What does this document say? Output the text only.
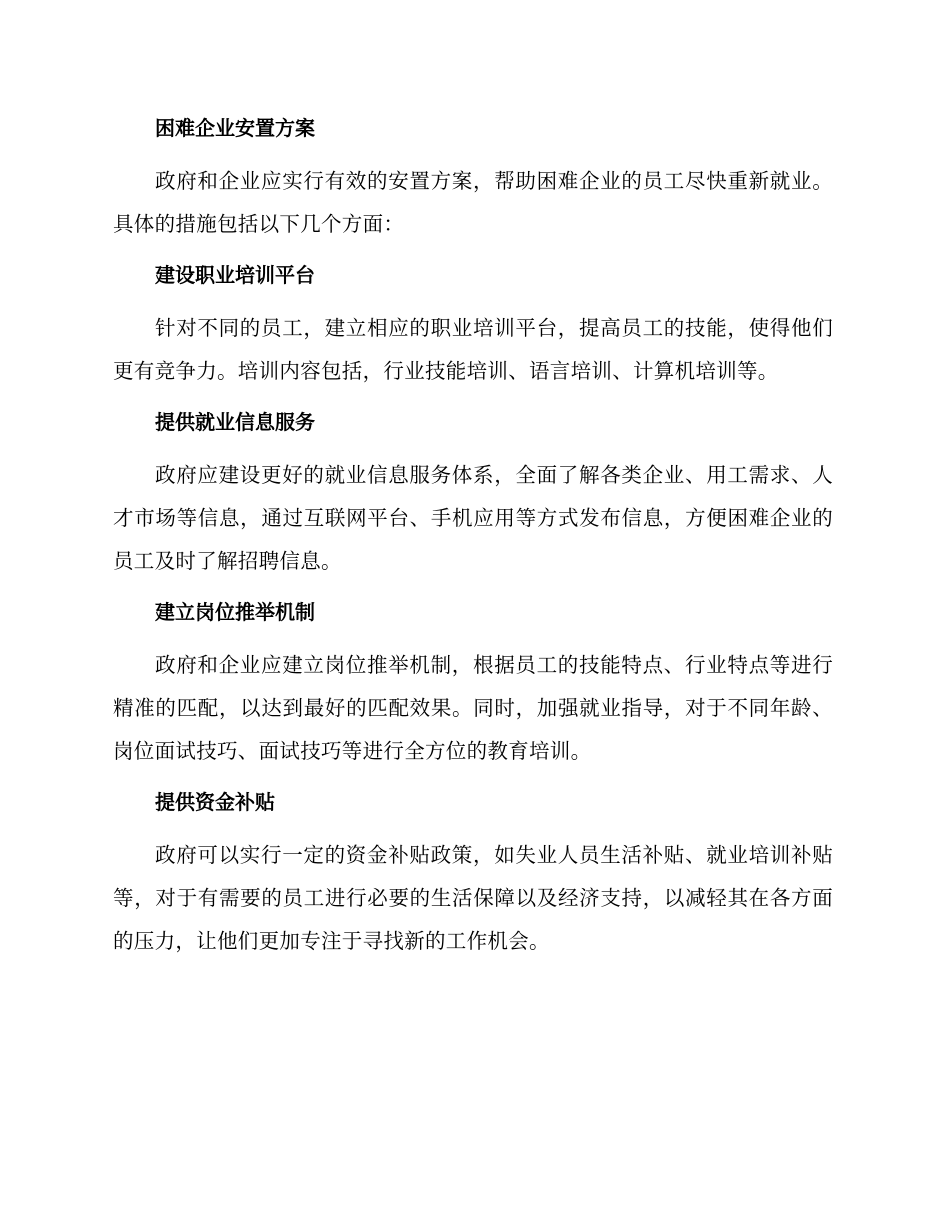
困难企业安置方案

政府和企业应实行有效的安置方案，帮助困难企业的员工尽快重新就业。具体的措施包括以下几个方面：

建设职业培训平台

针对不同的员工，建立相应的职业培训平台，提高员工的技能，使得他们更有竞争力。培训内容包括，行业技能培训、语言培训、计算机培训等。

提供就业信息服务

政府应建设更好的就业信息服务体系，全面了解各类企业、用工需求、人才市场等信息，通过互联网平台、手机应用等方式发布信息，方便困难企业的员工及时了解招聘信息。

建立岗位推举机制

政府和企业应建立岗位推举机制，根据员工的技能特点、行业特点等进行精准的匹配，以达到最好的匹配效果。同时，加强就业指导，对于不同年龄、岗位面试技巧、面试技巧等进行全方位的教育培训。

提供资金补贴

政府可以实行一定的资金补贴政策，如失业人员生活补贴、就业培训补贴等，对于有需要的员工进行必要的生活保障以及经济支持，以减轻其在各方面的压力，让他们更加专注于寻找新的工作机会。
